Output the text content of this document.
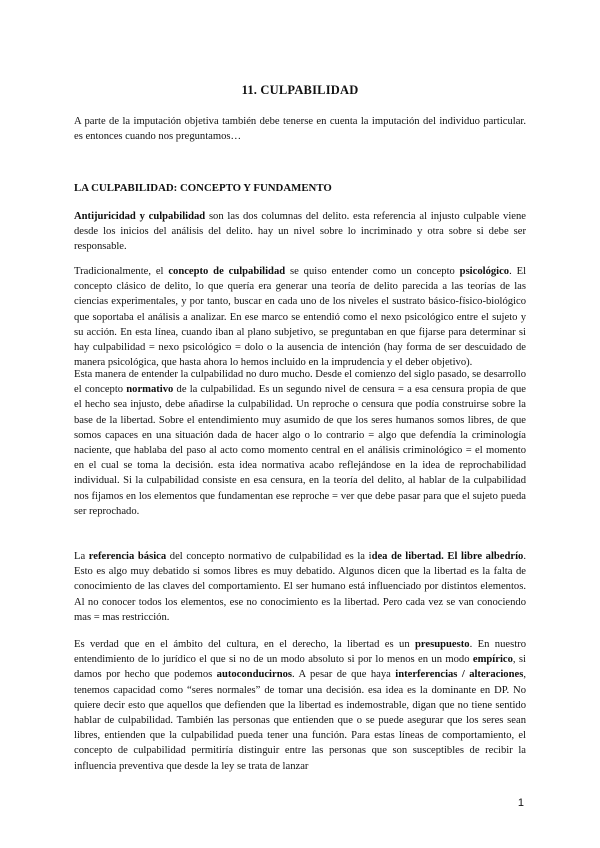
11. CULPABILIDAD

A parte de la imputación objetiva también debe tenerse en cuenta la imputación del individuo particular. es entonces cuando nos preguntamos…

LA CULPABILIDAD: CONCEPTO Y FUNDAMENTO

Antijuricidad y culpabilidad son las dos columnas del delito. esta referencia al injusto culpable viene desde los inicios del análisis del delito. hay un nivel sobre lo incriminado y otra sobre si debe ser responsable.

Tradicionalmente, el concepto de culpabilidad se quiso entender como un concepto psicológico. El concepto clásico de delito, lo que quería era generar una teoría de delito parecida a las teorías de las ciencias experimentales, y por tanto, buscar en cada uno de los niveles el sustrato básico-físico-biológico que soportaba el análisis a analizar. En ese marco se entendió como el nexo psicológico entre el sujeto y su acción. En esta línea, cuando iban al plano subjetivo, se preguntaban en que fijarse para determinar si hay culpabilidad = nexo psicológico = dolo o la ausencia de intención (hay forma de ser descuidado de manera psicológica, que hasta ahora lo hemos incluido en la imprudencia y el deber objetivo).

Esta manera de entender la culpabilidad no duro mucho. Desde el comienzo del siglo pasado, se desarrollo el concepto normativo de la culpabilidad. Es un segundo nivel de censura = a esa censura propia de que el hecho sea injusto, debe añadirse la culpabilidad. Un reproche o censura que podía construirse sobre la base de la libertad. Sobre el entendimiento muy asumido de que los seres humanos somos libres, de que somos capaces en una situación dada de hacer algo o lo contrario = algo que defendía la criminología naciente, que hablaba del paso al acto como momento central en el análisis criminológico = el momento en el cual se toma la decisión. esta idea normativa acabo reflejándose en la idea de reprochabilidad individual. Si la culpabilidad consiste en esa censura, en la teoría del delito, al hablar de la culpabilidad nos fijamos en los elementos que fundamentan ese reproche = ver que debe pasar para que el sujeto pueda ser reprochado.

La referencia básica del concepto normativo de culpabilidad es la idea de libertad. El libre albedrío. Esto es algo muy debatido si somos libres es muy debatido. Algunos dicen que la libertad es la falta de conocimiento de las claves del comportamiento. El ser humano está influenciado por distintos elementos. Al no conocer todos los elementos, ese no conocimiento es la libertad. Pero cada vez se van conociendo mas = mas restricción.

Es verdad que en el ámbito del cultura, en el derecho, la libertad es un presupuesto. En nuestro entendimiento de lo jurídico el que si no de un modo absoluto si por lo menos en un modo empírico, si damos por hecho que podemos autoconducirnos. A pesar de que haya interferencias / alteraciones, tenemos capacidad como “seres normales” de tomar una decisión. esa idea es la dominante en DP. No quiere decir esto que aquellos que defienden que la libertad es indemostrable, digan que no tiene sentido hablar de culpabilidad. También las personas que entienden que o se puede asegurar que los seres sean libres, entienden que la culpabilidad pueda tener una función. Para estas líneas de comportamiento, el concepto de culpabilidad permitiría distinguir entre las personas que son susceptibles de recibir la influencia preventiva que desde la ley se trata de lanzar

1
